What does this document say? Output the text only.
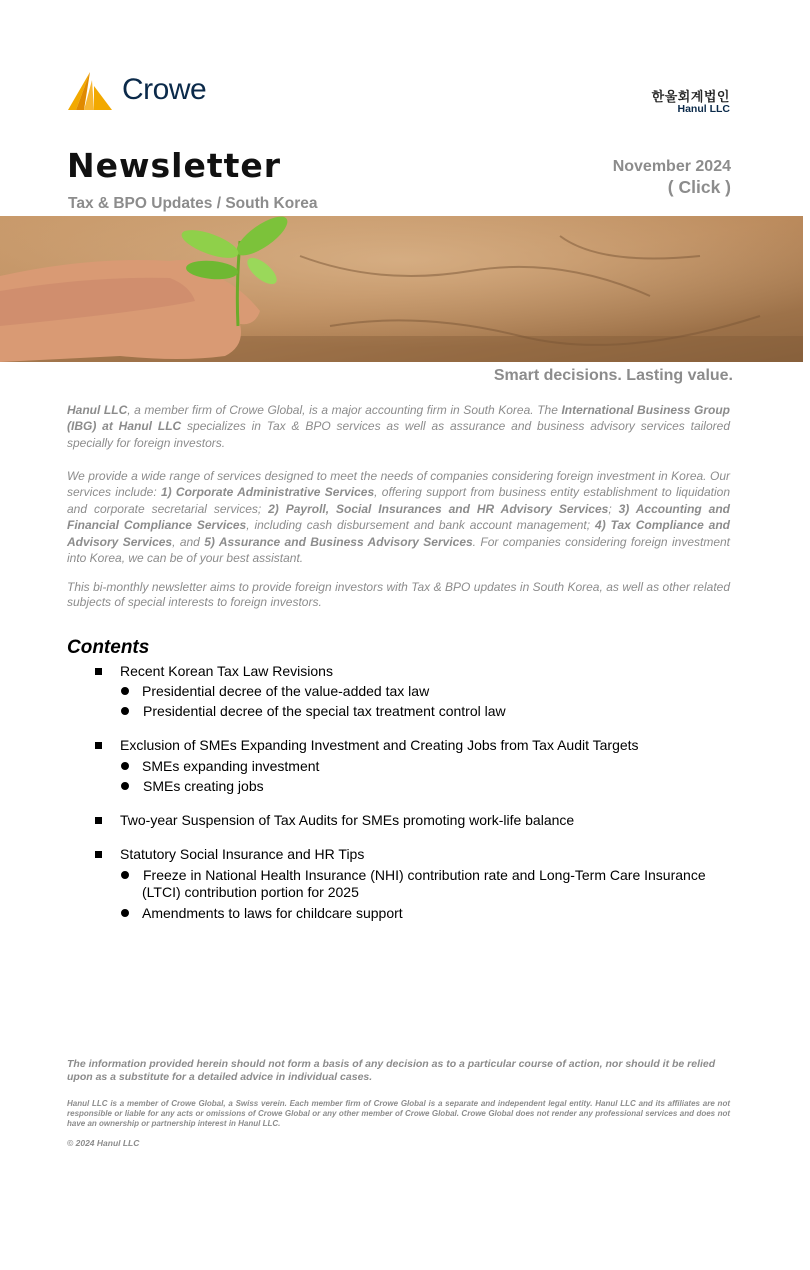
Crowe	한울회계법인
Hanul LLC
Newsletter
Tax & BPO Updates / South Korea
November 2024
( Click )
Smart decisions. Lasting value.
Hanul LLC, a member firm of Crowe Global, is a major accounting firm in South Korea. The International Business Group (IBG) at Hanul LLC specializes in Tax & BPO services as well as assurance and business advisory services tailored specially for foreign investors.
We provide a wide range of services designed to meet the needs of companies considering foreign investment in Korea. Our services include: 1) Corporate Administrative Services, offering support from business entity establishment to liquidation and corporate secretarial services; 2) Payroll, Social Insurances and HR Advisory Services; 3) Accounting and Financial Compliance Services, including cash disbursement and bank account management; 4) Tax Compliance and Advisory Services, and 5) Assurance and Business Advisory Services. For companies considering foreign investment into Korea, we can be of your best assistant.
This bi-monthly newsletter aims to provide foreign investors with Tax & BPO updates in South Korea, as well as other related subjects of special interests to foreign investors.
Contents
Recent Korean Tax Law Revisions
Presidential decree of the value-added tax law
Presidential decree of the special tax treatment control law
Exclusion of SMEs Expanding Investment and Creating Jobs from Tax Audit Targets
SMEs expanding investment
SMEs creating jobs
Two-year Suspension of Tax Audits for SMEs promoting work-life balance
Statutory Social Insurance and HR Tips
Freeze in National Health Insurance (NHI) contribution rate and Long-Term Care Insurance
(LTCI) contribution portion for 2025
Amendments to laws for childcare support
The information provided herein should not form a basis of any decision as to a particular course of action, nor should it be relied upon as a substitute for a detailed advice in individual cases.
Hanul LLC is a member of Crowe Global, a Swiss verein. Each member firm of Crowe Global is a separate and independent legal entity. Hanul LLC and its affiliates are not responsible or liable for any acts or omissions of Crowe Global or any other member of Crowe Global. Crowe Global does not render any professional services and does not have an ownership or partnership interest in Hanul LLC.
© 2024 Hanul LLC
